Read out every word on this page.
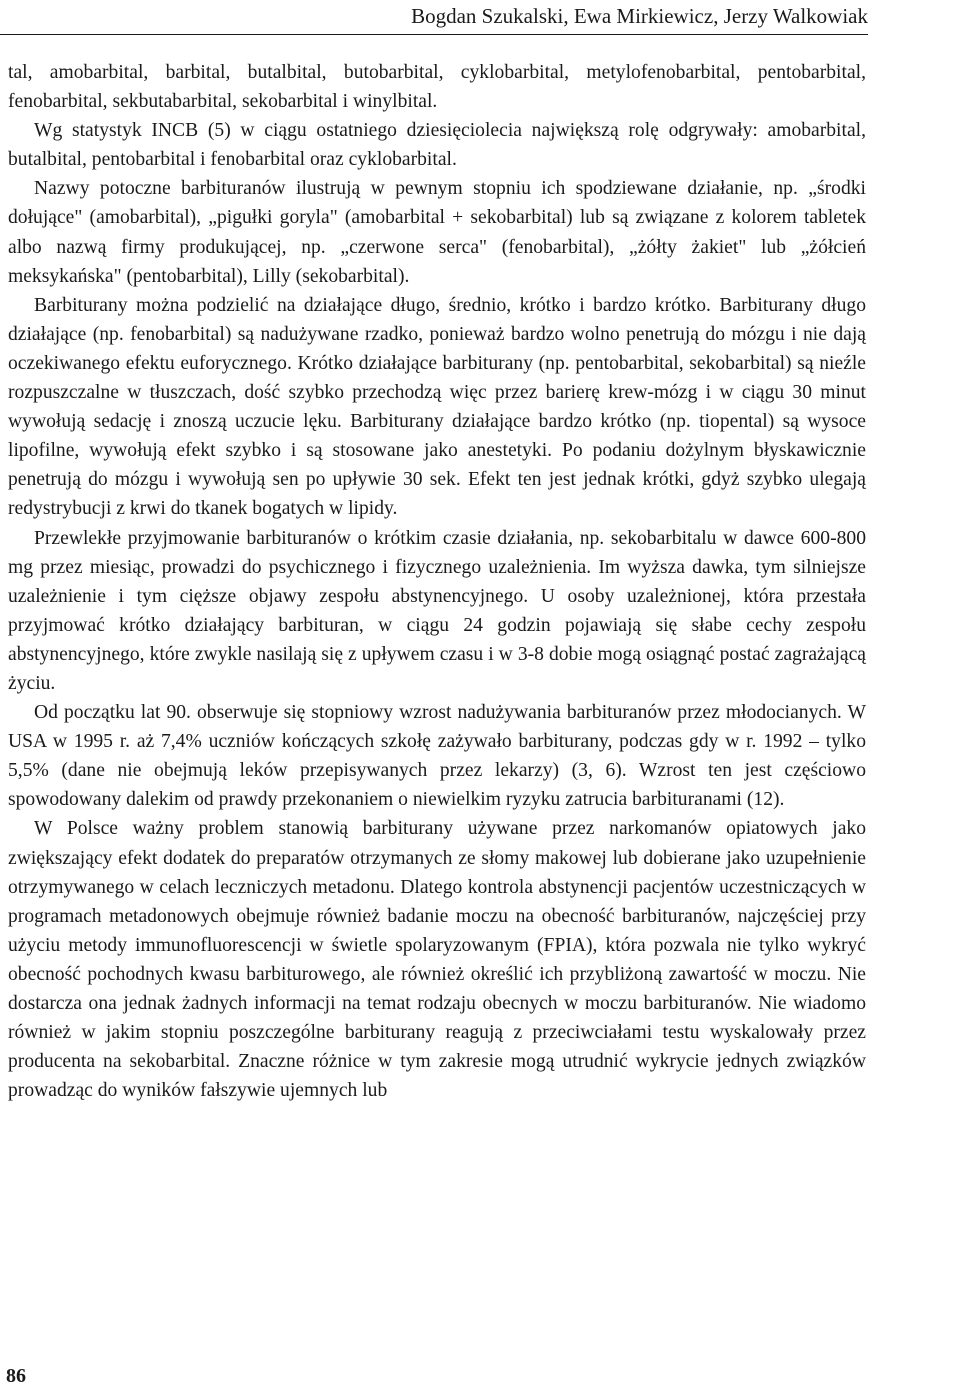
Bogdan Szukalski, Ewa Mirkiewicz, Jerzy Walkowiak

tal, amobarbital, barbital, butalbital, butobarbital, cyklobarbital, metylofenobarbital, pentobarbital, fenobarbital, sekbutabarbital, sekobarbital i winylbital.

Wg statystyk INCB (5) w ciągu ostatniego dziesięciolecia największą rolę odgrywały: amobarbital, butalbital, pentobarbital i fenobarbital oraz cyklobarbital.

Nazwy potoczne barbituranów ilustrują w pewnym stopniu ich spodziewane działanie, np. „środki dołujące" (amobarbital), „pigułki goryla" (amobarbital + sekobarbital) lub są związane z kolorem tabletek albo nazwą firmy produkującej, np. „czerwone serca" (fenobarbital), „żółty żakiet" lub „żółcień meksykańska" (pentobarbital), Lilly (sekobarbital).

Barbiturany można podzielić na działające długo, średnio, krótko i bardzo krótko. Barbiturany długo działające (np. fenobarbital) są nadużywane rzadko, ponieważ bardzo wolno penetrują do mózgu i nie dają oczekiwanego efektu euforycznego. Krótko działające barbiturany (np. pentobarbital, sekobarbital) są nieźle rozpuszczalne w tłuszczach, dość szybko przechodzą więc przez barierę krew-mózg i w ciągu 30 minut wywołują sedację i znoszą uczucie lęku. Barbiturany działające bardzo krótko (np. tiopental) są wysoce lipofilne, wywołują efekt szybko i są stosowane jako anestetyki. Po podaniu dożylnym błyskawicznie penetrują do mózgu i wywołują sen po upływie 30 sek. Efekt ten jest jednak krótki, gdyż szybko ulegają redystrybucji z krwi do tkanek bogatych w lipidy.

Przewlekłe przyjmowanie barbituranów o krótkim czasie działania, np. sekobarbitalu w dawce 600-800 mg przez miesiąc, prowadzi do psychicznego i fizycznego uzależnienia. Im wyższa dawka, tym silniejsze uzależnienie i tym cięższe objawy zespołu abstynencyjnego. U osoby uzależnionej, która przestała przyjmować krótko działający barbituran, w ciągu 24 godzin pojawiają się słabe cechy zespołu abstynencyjnego, które zwykle nasilają się z upływem czasu i w 3-8 dobie mogą osiągnąć postać zagrażającą życiu.

Od początku lat 90. obserwuje się stopniowy wzrost nadużywania barbituranów przez młodocianych. W USA w 1995 r. aż 7,4% uczniów kończących szkołę zażywało barbiturany, podczas gdy w r. 1992 – tylko 5,5% (dane nie obejmują leków przepisywanych przez lekarzy) (3, 6). Wzrost ten jest częściowo spowodowany dalekim od prawdy przekonaniem o niewielkim ryzyku zatrucia barbituranami (12).

W Polsce ważny problem stanowią barbiturany używane przez narkomanów opiatowych jako zwiększający efekt dodatek do preparatów otrzymanych ze słomy makowej lub dobierane jako uzupełnienie otrzymywanego w celach leczniczych metadonu. Dlatego kontrola abstynencji pacjentów uczestniczących w programach metadonowych obejmuje również badanie moczu na obecność barbituranów, najczęściej przy użyciu metody immunofluorescencji w świetle spolaryzowanym (FPIA), która pozwala nie tylko wykryć obecność pochodnych kwasu barbiturowego, ale również określić ich przybliżoną zawartość w moczu. Nie dostarcza ona jednak żadnych informacji na temat rodzaju obecnych w moczu barbituranów. Nie wiadomo również w jakim stopniu poszczególne barbiturany reagują z przeciwciałami testu wyskalowały przez producenta na sekobarbital. Znaczne różnice w tym zakresie mogą utrudnić wykrycie jednych związków prowadząc do wyników fałszywie ujemnych lub

86
